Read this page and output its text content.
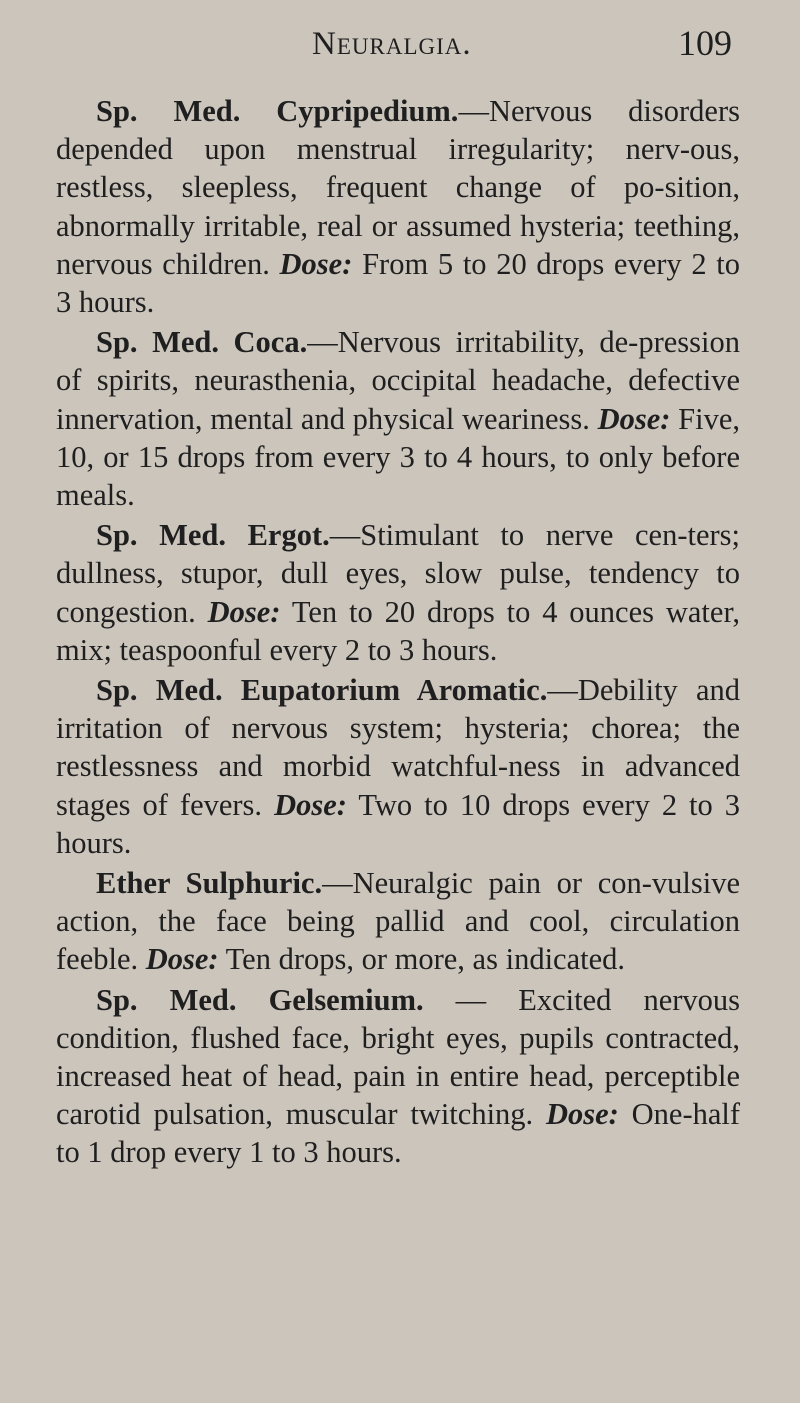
Neuralgia.	109

Sp. Med. Cypripedium.—Nervous disorders depended upon menstrual irregularity; nerv-ous, restless, sleepless, frequent change of po-sition, abnormally irritable, real or assumed hysteria; teething, nervous children. Dose: From 5 to 20 drops every 2 to 3 hours.

Sp. Med. Coca.—Nervous irritability, de-pression of spirits, neurasthenia, occipital headache, defective innervation, mental and physical weariness. Dose: Five, 10, or 15 drops from every 3 to 4 hours, to only before meals.

Sp. Med. Ergot.—Stimulant to nerve cen-ters; dullness, stupor, dull eyes, slow pulse, tendency to congestion. Dose: Ten to 20 drops to 4 ounces water, mix; teaspoonful every 2 to 3 hours.

Sp. Med. Eupatorium Aromatic.—Debility and irritation of nervous system; hysteria; chorea; the restlessness and morbid watchful-ness in advanced stages of fevers. Dose: Two to 10 drops every 2 to 3 hours.

Ether Sulphuric.—Neuralgic pain or con-vulsive action, the face being pallid and cool, circulation feeble. Dose: Ten drops, or more, as indicated.

Sp. Med. Gelsemium. — Excited nervous condition, flushed face, bright eyes, pupils contracted, increased heat of head, pain in entire head, perceptible carotid pulsation, muscular twitching. Dose: One-half to 1 drop every 1 to 3 hours.
